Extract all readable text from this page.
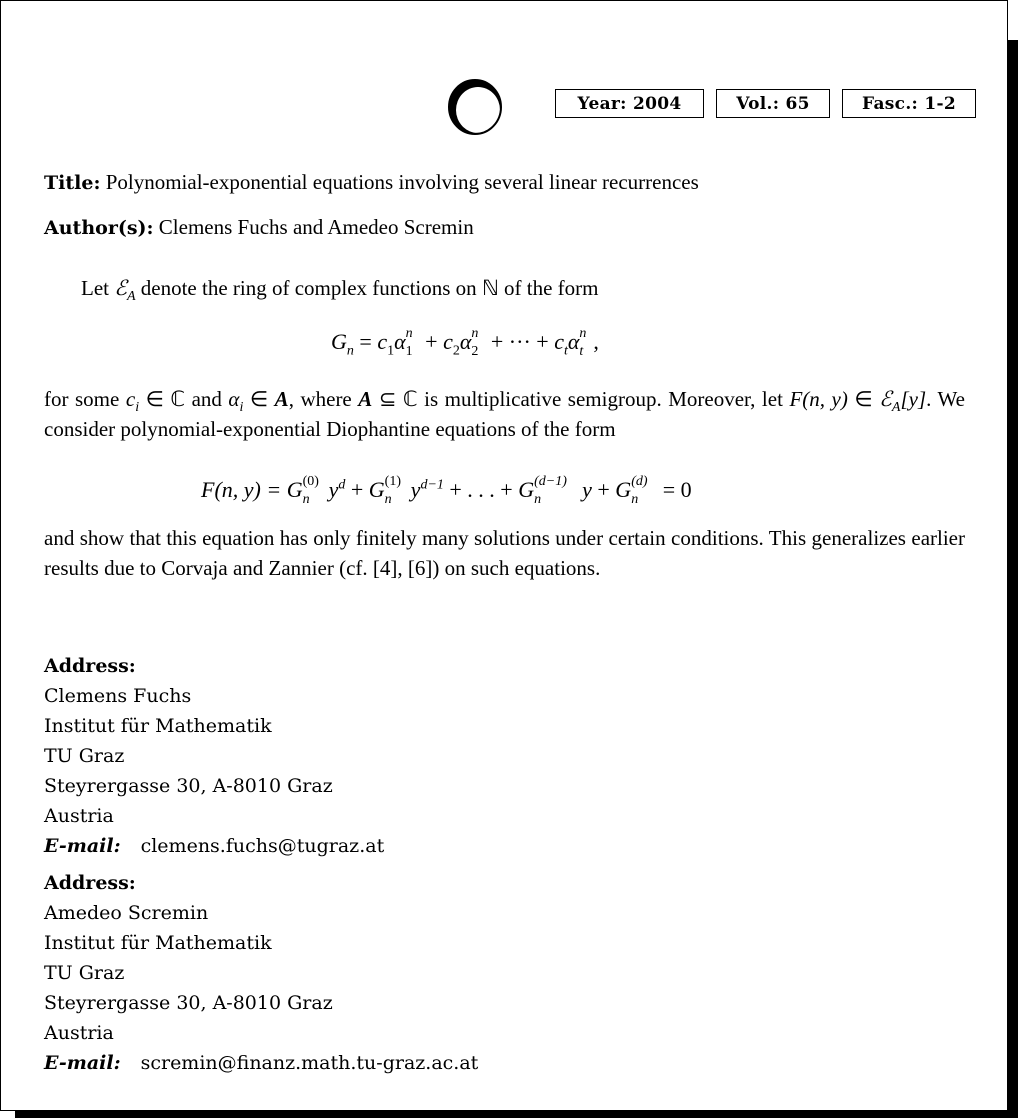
Year: 2004	Vol.: 65	Fasc.: 1-2
Title: Polynomial-exponential equations involving several linear recurrences
Author(s): Clemens Fuchs and Amedeo Scremin
Let ℰ$_A$ denote the ring of complex functions on ℕ of the form
$G_n = c_1\alpha$ n
$1 + c_2\alpha$ n
2 + ··· + $c_t\alpha$ n
t ,
for some $c_i$ ∈ ℂ and $\alpha_i$ ∈ A, where A ⊆ ℂ is multiplicative semigroup. Moreover, let F(n, y) ∈ ℰ$_A$[y]. We consider polynomial-exponential Diophantine equations of the form
F(n, y) = G (0)
n $y^d + G$ (1)
n $y^{d-1}$ + . . . + G (d−1)
n y + G (d)
n = 0
and show that this equation has only finitely many solutions under certain conditions. This generalizes earlier results due to Corvaja and Zannier (cf. [4], [6]) on such equations.
Address:
Clemens Fuchs
Institut für Mathematik
TU Graz
Steyrergasse 30, A-8010 Graz
Austria
E-mail: clemens.fuchs@tugraz.at
Address:
Amedeo Scremin
Institut für Mathematik
TU Graz
Steyrergasse 30, A-8010 Graz
Austria
E-mail: scremin@finanz.math.tu-graz.ac.at
